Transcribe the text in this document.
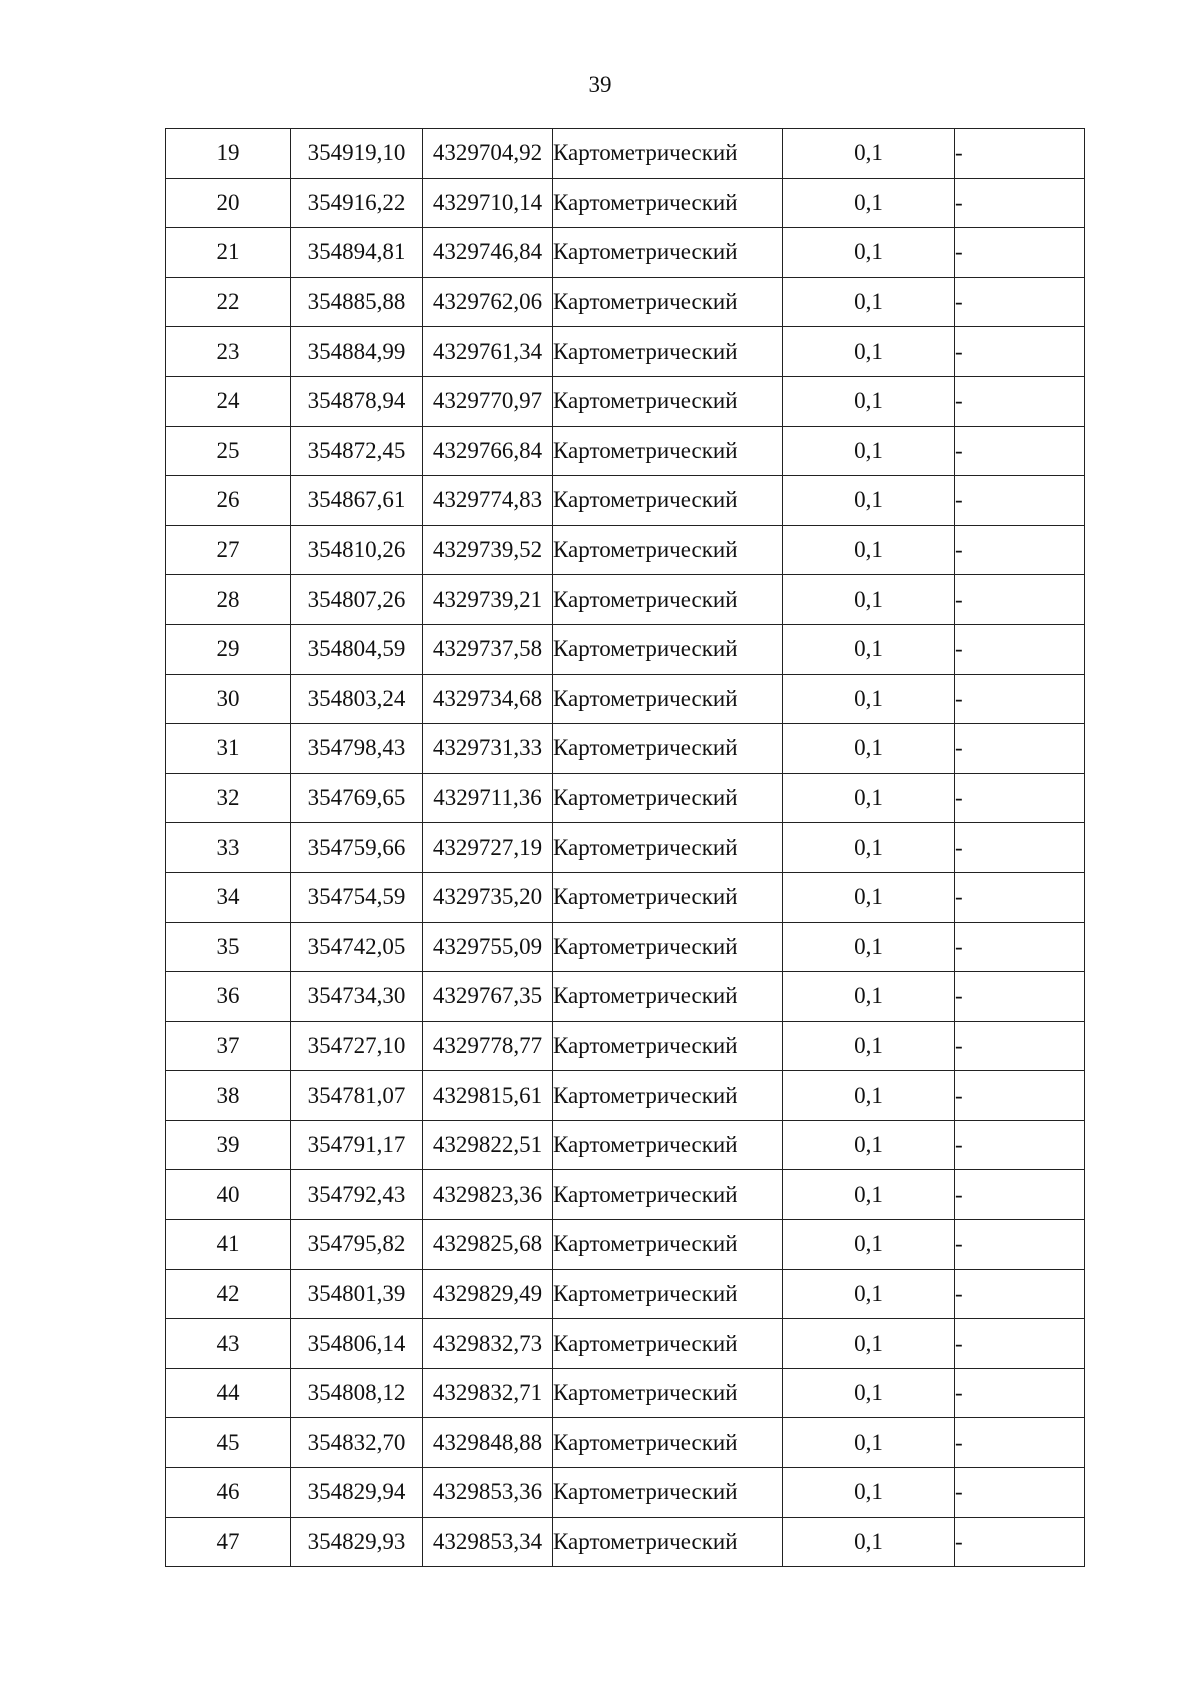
39
19	354919,10	4329704,92	Картометрический	0,1	-
20	354916,22	4329710,14	Картометрический	0,1	-
21	354894,81	4329746,84	Картометрический	0,1	-
22	354885,88	4329762,06	Картометрический	0,1	-
23	354884,99	4329761,34	Картометрический	0,1	-
24	354878,94	4329770,97	Картометрический	0,1	-
25	354872,45	4329766,84	Картометрический	0,1	-
26	354867,61	4329774,83	Картометрический	0,1	-
27	354810,26	4329739,52	Картометрический	0,1	-
28	354807,26	4329739,21	Картометрический	0,1	-
29	354804,59	4329737,58	Картометрический	0,1	-
30	354803,24	4329734,68	Картометрический	0,1	-
31	354798,43	4329731,33	Картометрический	0,1	-
32	354769,65	4329711,36	Картометрический	0,1	-
33	354759,66	4329727,19	Картометрический	0,1	-
34	354754,59	4329735,20	Картометрический	0,1	-
35	354742,05	4329755,09	Картометрический	0,1	-
36	354734,30	4329767,35	Картометрический	0,1	-
37	354727,10	4329778,77	Картометрический	0,1	-
38	354781,07	4329815,61	Картометрический	0,1	-
39	354791,17	4329822,51	Картометрический	0,1	-
40	354792,43	4329823,36	Картометрический	0,1	-
41	354795,82	4329825,68	Картометрический	0,1	-
42	354801,39	4329829,49	Картометрический	0,1	-
43	354806,14	4329832,73	Картометрический	0,1	-
44	354808,12	4329832,71	Картометрический	0,1	-
45	354832,70	4329848,88	Картометрический	0,1	-
46	354829,94	4329853,36	Картометрический	0,1	-
47	354829,93	4329853,34	Картометрический	0,1	-
